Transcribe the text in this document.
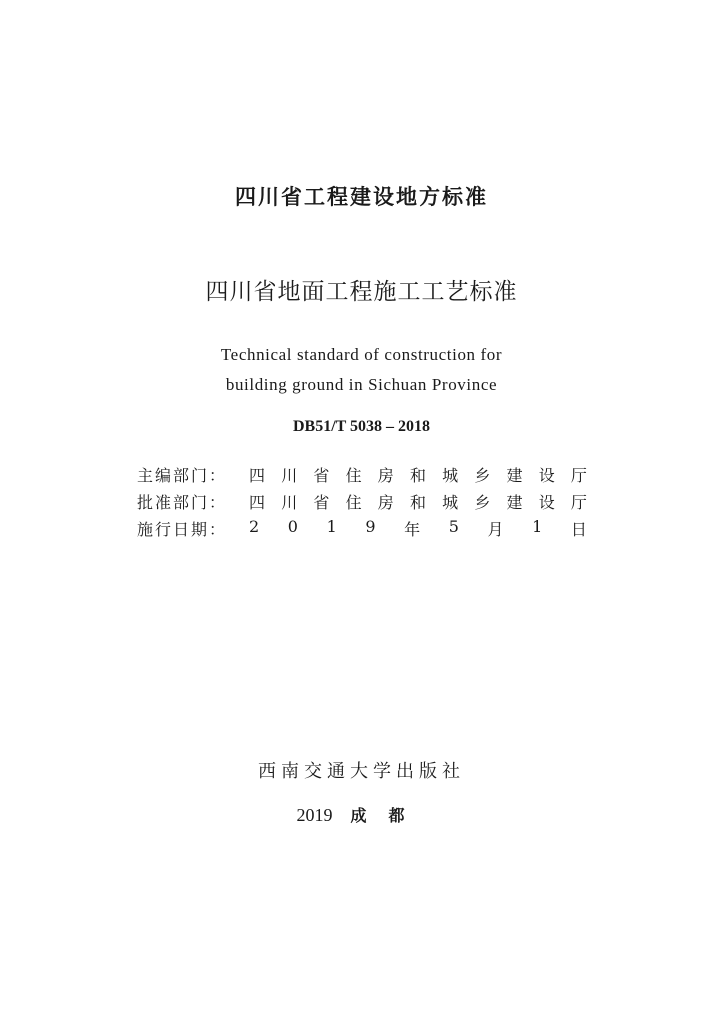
四川省工程建设地方标准
四川省地面工程施工工艺标准
Technical standard of construction for
building ground in Sichuan Province
DB51/T 5038 – 2018
主编部门：	四 川 省 住 房 和 城 乡 建 设 厅
批准部门：	四 川 省 住 房 和 城 乡 建 设 厅
施行日期：	2 0 1 9 年 5 月 1 日
西南交通大学出版社
2019 成都
